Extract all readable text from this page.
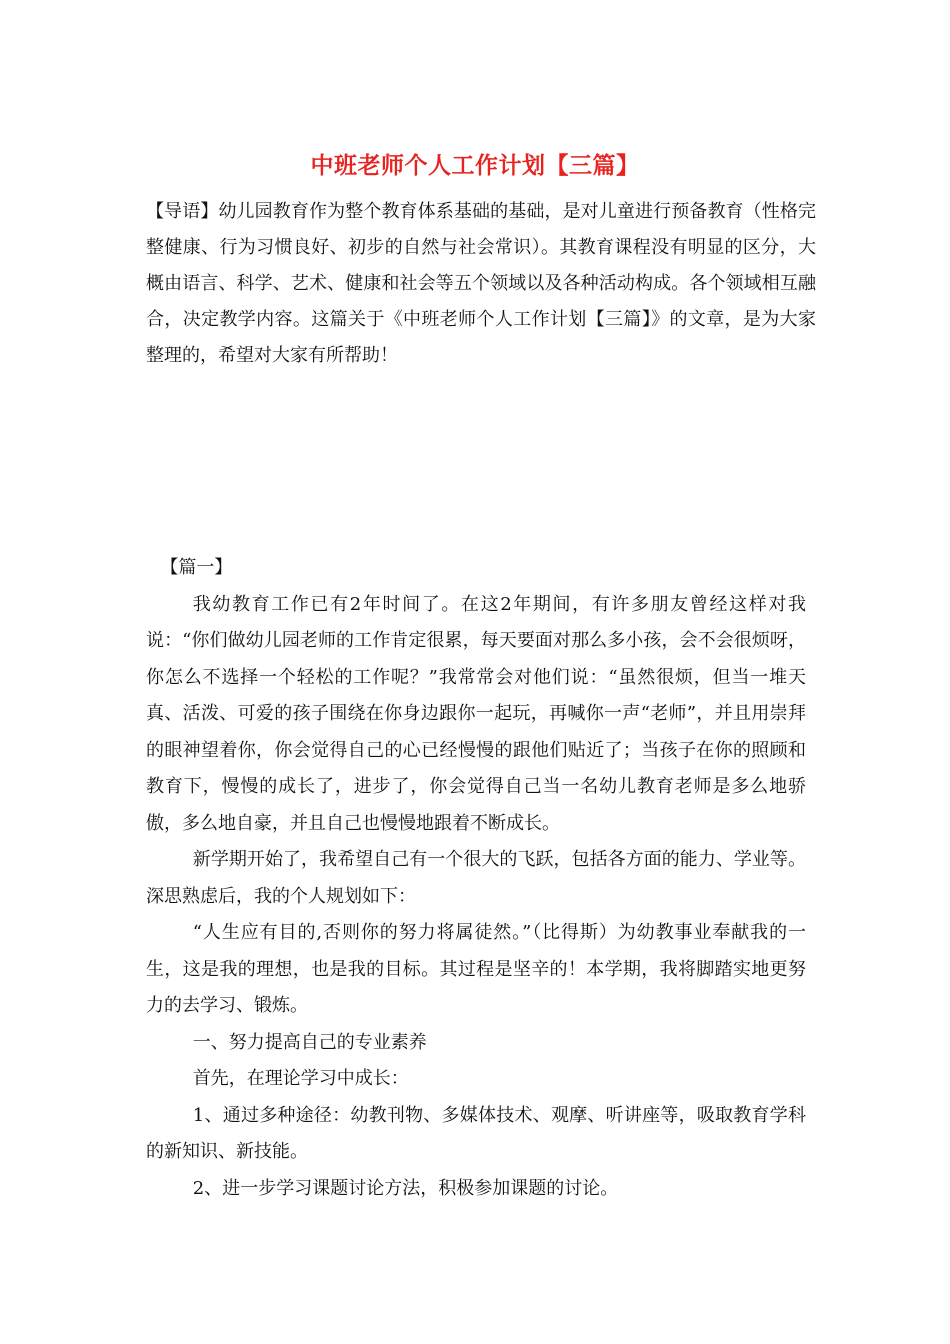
中班老师个人工作计划【三篇】

【导语】幼儿园教育作为整个教育体系基础的基础，是对儿童进行预备教育（性格完整健康、行为习惯良好、初步的自然与社会常识）。其教育课程没有明显的区分，大概由语言、科学、艺术、健康和社会等五个领域以及各种活动构成。各个领域相互融合，决定教学内容。这篇关于《中班老师个人工作计划【三篇】》的文章，是为大家整理的，希望对大家有所帮助！

【篇一】

我幼教育工作已有2年时间了。在这2年期间，有许多朋友曾经这样对我说：“你们做幼儿园老师的工作肯定很累，每天要面对那么多小孩，会不会很烦呀，你怎么不选择一个轻松的工作呢？”我常常会对他们说：“虽然很烦，但当一堆天真、活泼、可爱的孩子围绕在你身边跟你一起玩，再喊你一声“老师”，并且用崇拜的眼神望着你，你会觉得自己的心已经慢慢的跟他们贴近了；当孩子在你的照顾和教育下，慢慢的成长了，进步了，你会觉得自己当一名幼儿教育老师是多么地骄傲，多么地自豪，并且自己也慢慢地跟着不断成长。

新学期开始了，我希望自己有一个很大的飞跃，包括各方面的能力、学业等。深思熟虑后，我的个人规划如下：

“人生应有目的,否则你的努力将属徒然。”（比得斯）为幼教事业奉献我的一生，这是我的理想，也是我的目标。其过程是坚辛的！本学期，我将脚踏实地更努力的去学习、锻炼。

一、努力提高自己的专业素养

首先，在理论学习中成长：

1、通过多种途径：幼教刊物、多媒体技术、观摩、听讲座等，吸取教育学科的新知识、新技能。

2、进一步学习课题讨论方法，积极参加课题的讨论。
